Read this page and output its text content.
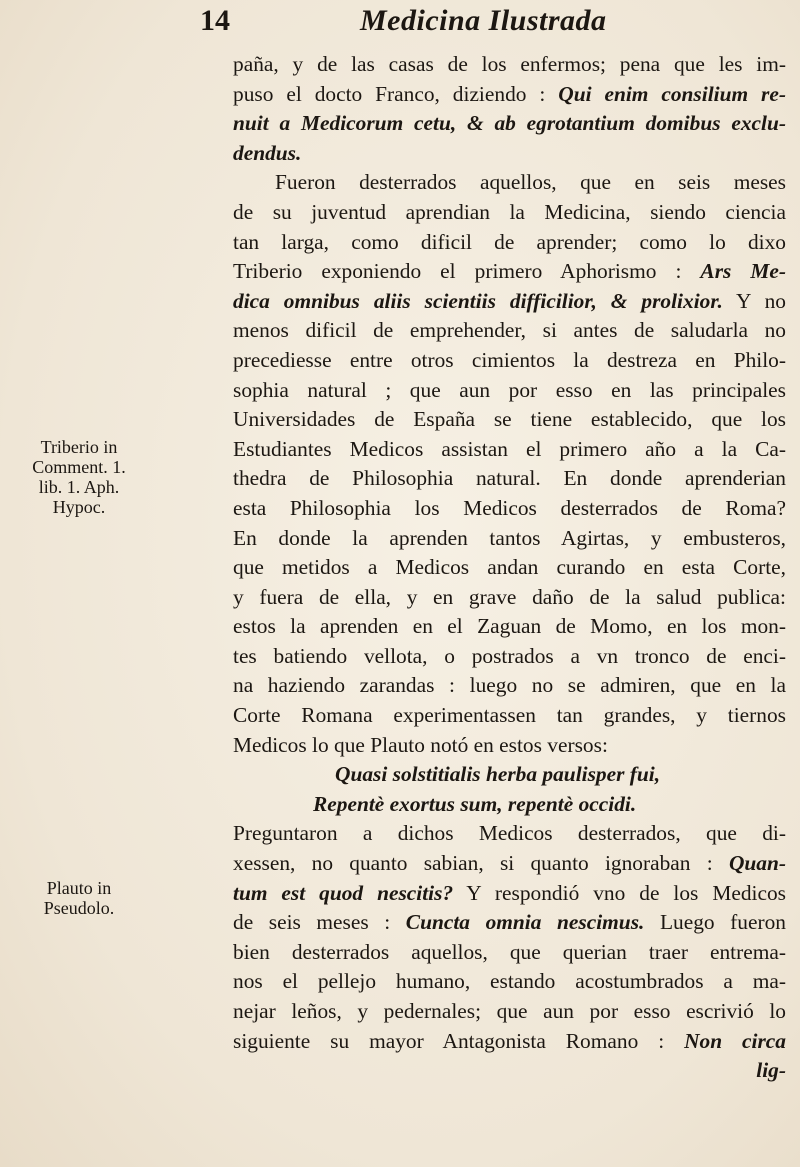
14	Medicina Ilustrada
Triberio in
Comment. 1.
lib. 1. Aph.
Hypoc.
Plauto in
Pseudolo.
paña, y de las casas de los enfermos; pena que les im-
puso el docto Franco, diziendo : Qui enim consilium re-
nuit a Medicorum cetu, & ab egrotantium domibus exclu-
dendus.
Fueron desterrados aquellos, que en seis meses
de su juventud aprendian la Medicina, siendo ciencia
tan larga, como dificil de aprender; como lo dixo
Triberio exponiendo el primero Aphorismo : Ars Me-
dica omnibus aliis scientiis difficilior, & prolixior. Y no
menos dificil de emprehender, si antes de saludarla no
precediesse entre otros cimientos la destreza en Philo-
sophia natural ; que aun por esso en las principales
Universidades de España se tiene establecido, que los
Estudiantes Medicos assistan el primero año a la Ca-
thedra de Philosophia natural. En donde aprenderian
esta Philosophia los Medicos desterrados de Roma?
En donde la aprenden tantos Agirtas, y embusteros,
que metidos a Medicos andan curando en esta Corte,
y fuera de ella, y en grave daño de la salud publica:
estos la aprenden en el Zaguan de Momo, en los mon-
tes batiendo vellota, o postrados a vn tronco de enci-
na haziendo zarandas : luego no se admiren, que en la
Corte Romana experimentassen tan grandes, y tiernos
Medicos lo que Plauto notó en estos versos:
Quasi solstitialis herba paulisper fui,
Repentè exortus sum, repentè occidi.
Preguntaron a dichos Medicos desterrados, que di-
xessen, no quanto sabian, si quanto ignoraban : Quan-
tum est quod nescitis? Y respondió vno de los Medicos
de seis meses : Cuncta omnia nescimus. Luego fueron
bien desterrados aquellos, que querian traer entrema-
nos el pellejo humano, estando acostumbrados a ma-
nejar leños, y pedernales; que aun por esso escrivió lo
siguiente su mayor Antagonista Romano : Non circa
lig-
